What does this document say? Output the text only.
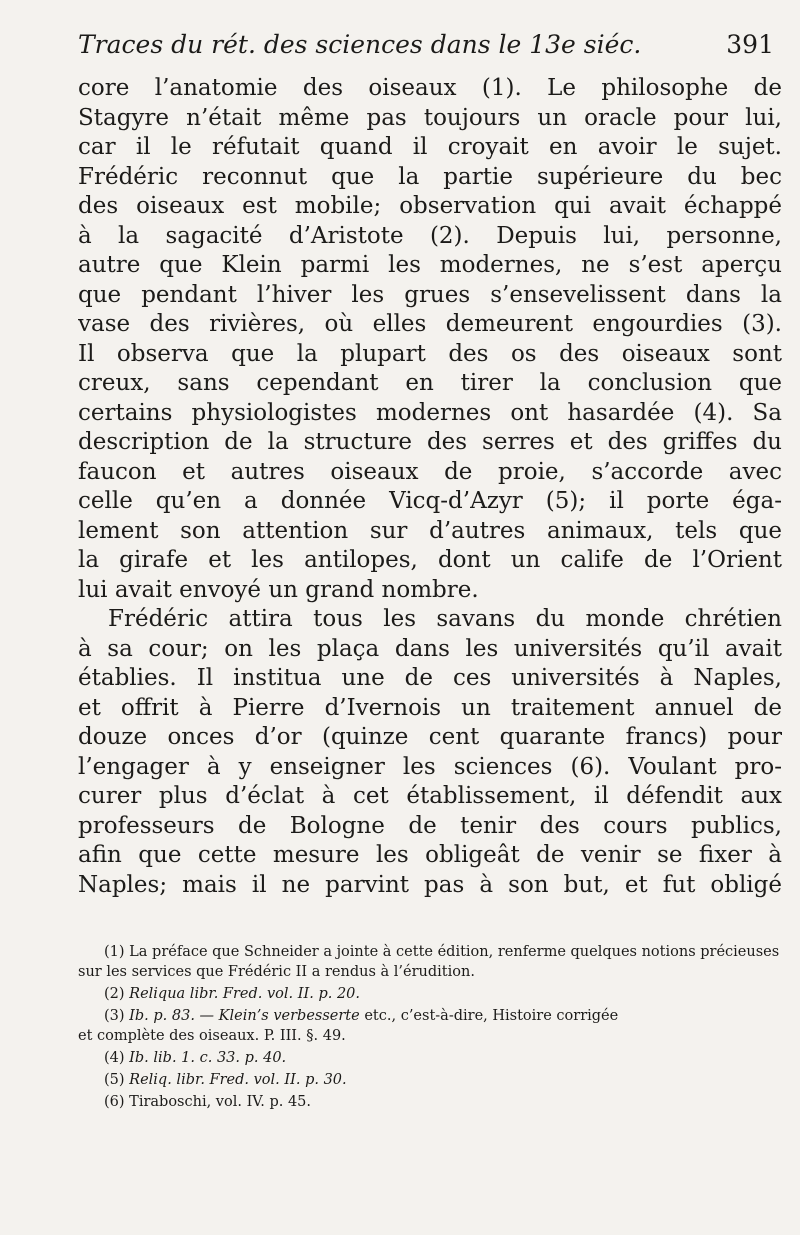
Traces du rét. des sciences dans le 13e siéc.	391
core l’anatomie des oiseaux (1). Le philosophe de
Stagyre n’était même pas toujours un oracle pour lui,
car il le réfutait quand il croyait en avoir le sujet.
Frédéric reconnut que la partie supérieure du bec
des oiseaux est mobile; observation qui avait échappé
à la sagacité d’Aristote (2). Depuis lui, personne,
autre que Klein parmi les modernes, ne s’est aperçu
que pendant l’hiver les grues s’ensevelissent dans la
vase des rivières, où elles demeurent engourdies (3).
Il observa que la plupart des os des oiseaux sont
creux, sans cependant en tirer la conclusion que
certains physiologistes modernes ont hasardée (4). Sa
description de la structure des serres et des griffes du
faucon et autres oiseaux de proie, s’accorde avec
celle qu’en a donnée Vicq-d’Azyr (5); il porte éga-
lement son attention sur d’autres animaux, tels que
la girafe et les antilopes, dont un calife de l’Orient
lui avait envoyé un grand nombre.
Frédéric attira tous les savans du monde chrétien
à sa cour; on les plaça dans les universités qu’il avait
établies. Il institua une de ces universités à Naples,
et offrit à Pierre d’Ivernois un traitement annuel de
douze onces d’or (quinze cent quarante francs) pour
l’engager à y enseigner les sciences (6). Voulant pro-
curer plus d’éclat à cet établissement, il défendit aux
professeurs de Bologne de tenir des cours publics,
afin que cette mesure les obligeât de venir se fixer à
Naples; mais il ne parvint pas à son but, et fut obligé
(1) La préface que Schneider a jointe à cette édition, renferme quelques notions précieuses sur les services que Frédéric II a rendus à l’érudition.
(2) Reliqua libr. Fred. vol. II. p. 20.
(3) Ib. p. 83. — Klein’s verbesserte etc., c’est-à-dire, Histoire corrigée
et complète des oiseaux. P. III. §. 49.
(4) Ib. lib. 1. c. 33. p. 40.
(5) Reliq. libr. Fred. vol. II. p. 30.
(6) Tiraboschi, vol. IV. p. 45.
